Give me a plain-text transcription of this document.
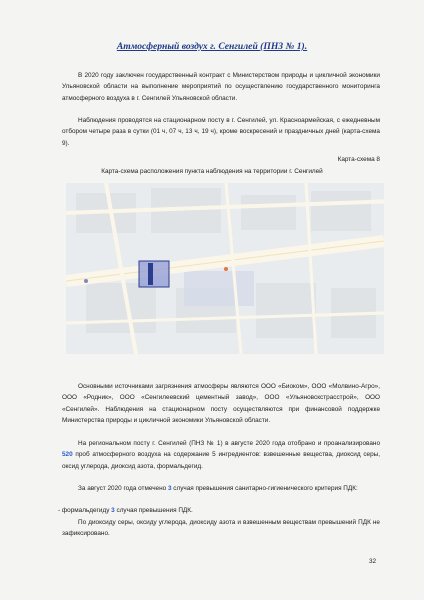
Атмосферный воздух г. Сенгилей (ПНЗ № 1).

В 2020 году заключен государственный контракт с Министерством природы и цикличной экономики Ульяновской области на выполнение мероприятий по осуществлению государственного мониторинга атмосферного воздуха в г. Сенгилей Ульяновской области.

Наблюдения проводятся на стационарном посту в г. Сенгилей, ул. Красноармейская, с ежедневным отбором четыре раза в сутки (01 ч, 07 ч, 13 ч, 19 ч), кроме воскресений и праздничных дней (карта-схема 9).

Карта-схема 8
Карта-схема расположения пункта наблюдения на территории г. Сенгилей

Основными источниками загрязнения атмосферы являются ООО «Биоком», ООО «Молвино-Агро», ООО «Родник», ООО «Сенгилеевский цементный завод», ООО «Ульяновскстрасстрой», ООО «Сенгилей». Наблюдения на стационарном посту осуществляются при финансовой поддержке Министерства природы и цикличной экономики Ульяновской области.

На региональном посту г. Сенгилей (ПНЗ № 1) в августе 2020 года отобрано и проанализировано 520 проб атмосферного воздуха на содержание 5 ингредиентов: взвешенные вещества, диоксид серы, оксид углерода, диоксид азота, формальдегид.

За август 2020 года отмечено 3 случая превышения санитарно-гигиенического критерия ПДК:

- формальдегиду 3 случая превышения ПДК.

По диоксиду серы, оксиду углерода, диоксиду азота и взвешенным веществам превышений ПДК не зафиксировано.

32
